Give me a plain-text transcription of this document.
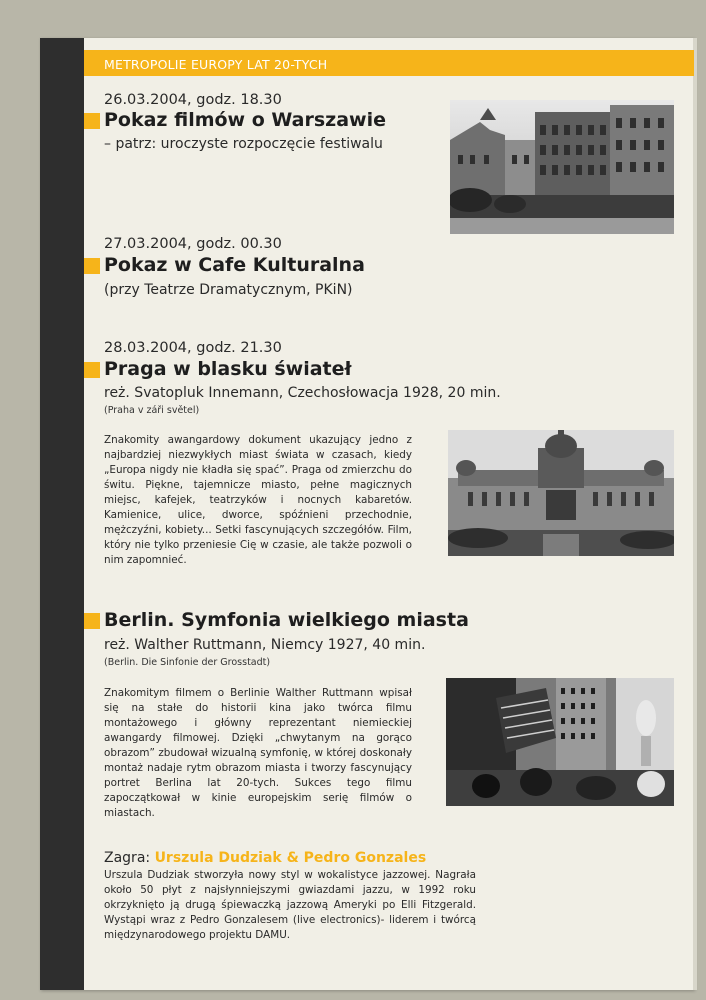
METROPOLIE EUROPY LAT 20-TYCH
26.03.2004, godz. 18.30
Pokaz filmów o Warszawie
– patrz: uroczyste rozpoczęcie festiwalu
27.03.2004, godz. 00.30
Pokaz w Cafe Kulturalna
(przy Teatrze Dramatycznym, PKiN)
28.03.2004, godz. 21.30
Praga w blasku świateł
reż. Svatopluk Innemann, Czechosłowacja 1928, 20 min.
(Praha v záři světel)
Znakomity awangardowy dokument ukazujący jedno z najbardziej niezwykłych miast świata w czasach, kiedy „Europa nigdy nie kładła się spać”. Praga od zmierzchu do świtu. Piękne, tajemnicze miasto, pełne magicznych miejsc, kafejek, teatrzyków i nocnych kabaretów. Kamienice, ulice, dworce, spóźnieni przechodnie, mężczyźni, kobiety... Setki fascynujących szczegółów. Film, który nie tylko przeniesie Cię w czasie, ale także pozwoli o nim zapomnieć.
Berlin. Symfonia wielkiego miasta
reż. Walther Ruttmann, Niemcy 1927, 40 min.
(Berlin. Die Sinfonie der Grosstadt)
Znakomitym filmem o Berlinie Walther Ruttmann wpisał się na stałe do historii kina jako twórca filmu montażowego i główny reprezentant niemieckiej awangardy filmowej. Dzięki „chwytanym na gorąco obrazom” zbudował wizualną symfonię, w której doskonały montaż nadaje rytm obrazom miasta i tworzy fascynujący portret Berlina lat 20-tych. Sukces tego filmu zapoczątkował w kinie europejskim serię filmów o miastach.
Zagra: Urszula Dudziak & Pedro Gonzales
Urszula Dudziak stworzyła nowy styl w wokalistyce jazzowej. Nagrała około 50 płyt z najsłynniejszymi gwiazdami jazzu, w 1992 roku okrzyknięto ją drugą śpiewaczką jazzową Ameryki po Elli Fitzgerald. Wystąpi wraz z Pedro Gonzalesem (live electronics)- liderem i twórcą międzynarodowego projektu DAMU.
